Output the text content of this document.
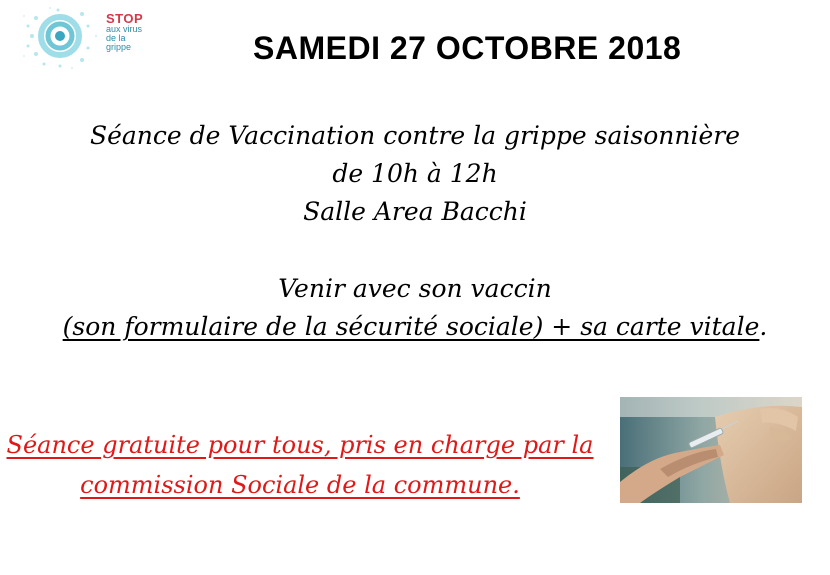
STOP
aux virus
de la
grippe	SAMEDI 27 OCTOBRE 2018
Séance de Vaccination contre la grippe saisonnière
de 10h à 12h
Salle Area Bacchi
Venir avec son vaccin
(son formulaire de la sécurité sociale) + sa carte vitale.
Séance gratuite pour tous, pris en charge par la
commission Sociale de la commune.
